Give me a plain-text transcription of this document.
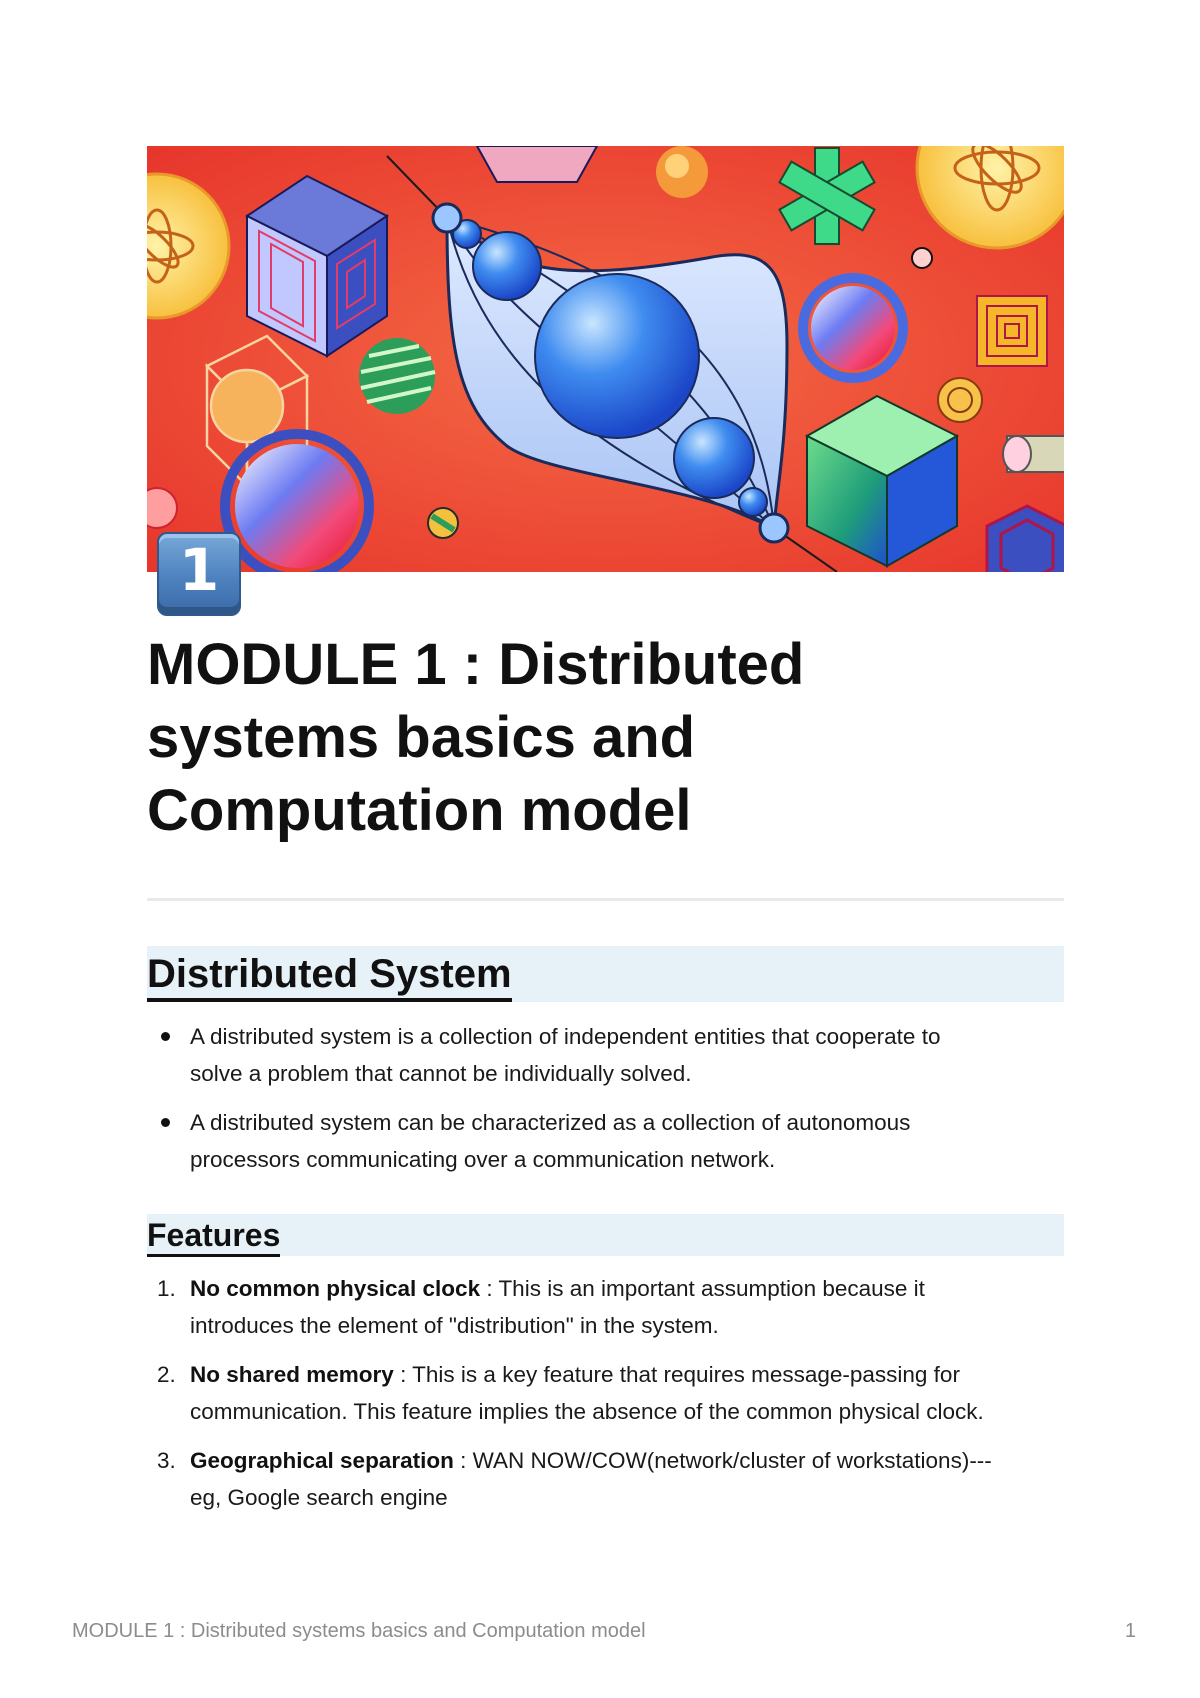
1
MODULE 1 : Distributed
systems basics and
Computation model
Distributed System
A distributed system is a collection of independent entities that cooperate to
solve a problem that cannot be individually solved.
A distributed system can be characterized as a collection of autonomous
processors communicating over a communication network.
Features
1. No common physical clock : This is an important assumption because it
introduces the element of "distribution" in the system.
2. No shared memory : This is a key feature that requires message-passing for
communication. This feature implies the absence of the common physical clock.
3. Geographical separation : WAN NOW/COW(network/cluster of workstations)---
eg, Google search engine
MODULE 1 : Distributed systems basics and Computation model	1
